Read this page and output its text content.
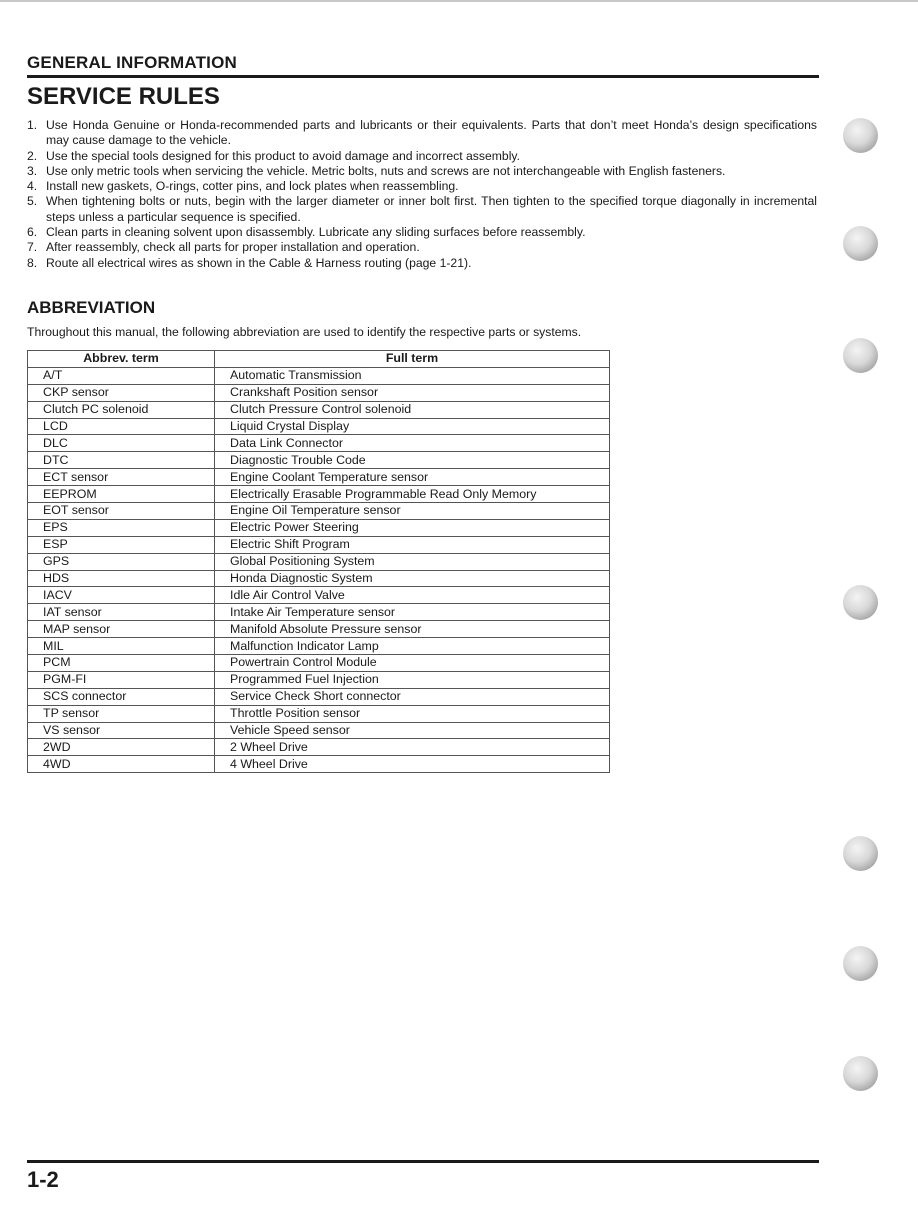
GENERAL INFORMATION
SERVICE RULES
1. Use Honda Genuine or Honda-recommended parts and lubricants or their equivalents. Parts that don’t meet Honda’s design specifications may cause damage to the vehicle.
2. Use the special tools designed for this product to avoid damage and incorrect assembly.
3. Use only metric tools when servicing the vehicle. Metric bolts, nuts and screws are not interchangeable with English fasteners.
4. Install new gaskets, O-rings, cotter pins, and lock plates when reassembling.
5. When tightening bolts or nuts, begin with the larger diameter or inner bolt first. Then tighten to the specified torque diagonally in incremental steps unless a particular sequence is specified.
6. Clean parts in cleaning solvent upon disassembly. Lubricate any sliding surfaces before reassembly.
7. After reassembly, check all parts for proper installation and operation.
8. Route all electrical wires as shown in the Cable & Harness routing (page 1-21).
ABBREVIATION
Throughout this manual, the following abbreviation are used to identify the respective parts or systems.
Abbrev. term	Full term
A/T	Automatic Transmission
CKP sensor	Crankshaft Position sensor
Clutch PC solenoid	Clutch Pressure Control solenoid
LCD	Liquid Crystal Display
DLC	Data Link Connector
DTC	Diagnostic Trouble Code
ECT sensor	Engine Coolant Temperature sensor
EEPROM	Electrically Erasable Programmable Read Only Memory
EOT sensor	Engine Oil Temperature sensor
EPS	Electric Power Steering
ESP	Electric Shift Program
GPS	Global Positioning System
HDS	Honda Diagnostic System
IACV	Idle Air Control Valve
IAT sensor	Intake Air Temperature sensor
MAP sensor	Manifold Absolute Pressure sensor
MIL	Malfunction Indicator Lamp
PCM	Powertrain Control Module
PGM-FI	Programmed Fuel Injection
SCS connector	Service Check Short connector
TP sensor	Throttle Position sensor
VS sensor	Vehicle Speed sensor
2WD	2 Wheel Drive
4WD	4 Wheel Drive
1-2
